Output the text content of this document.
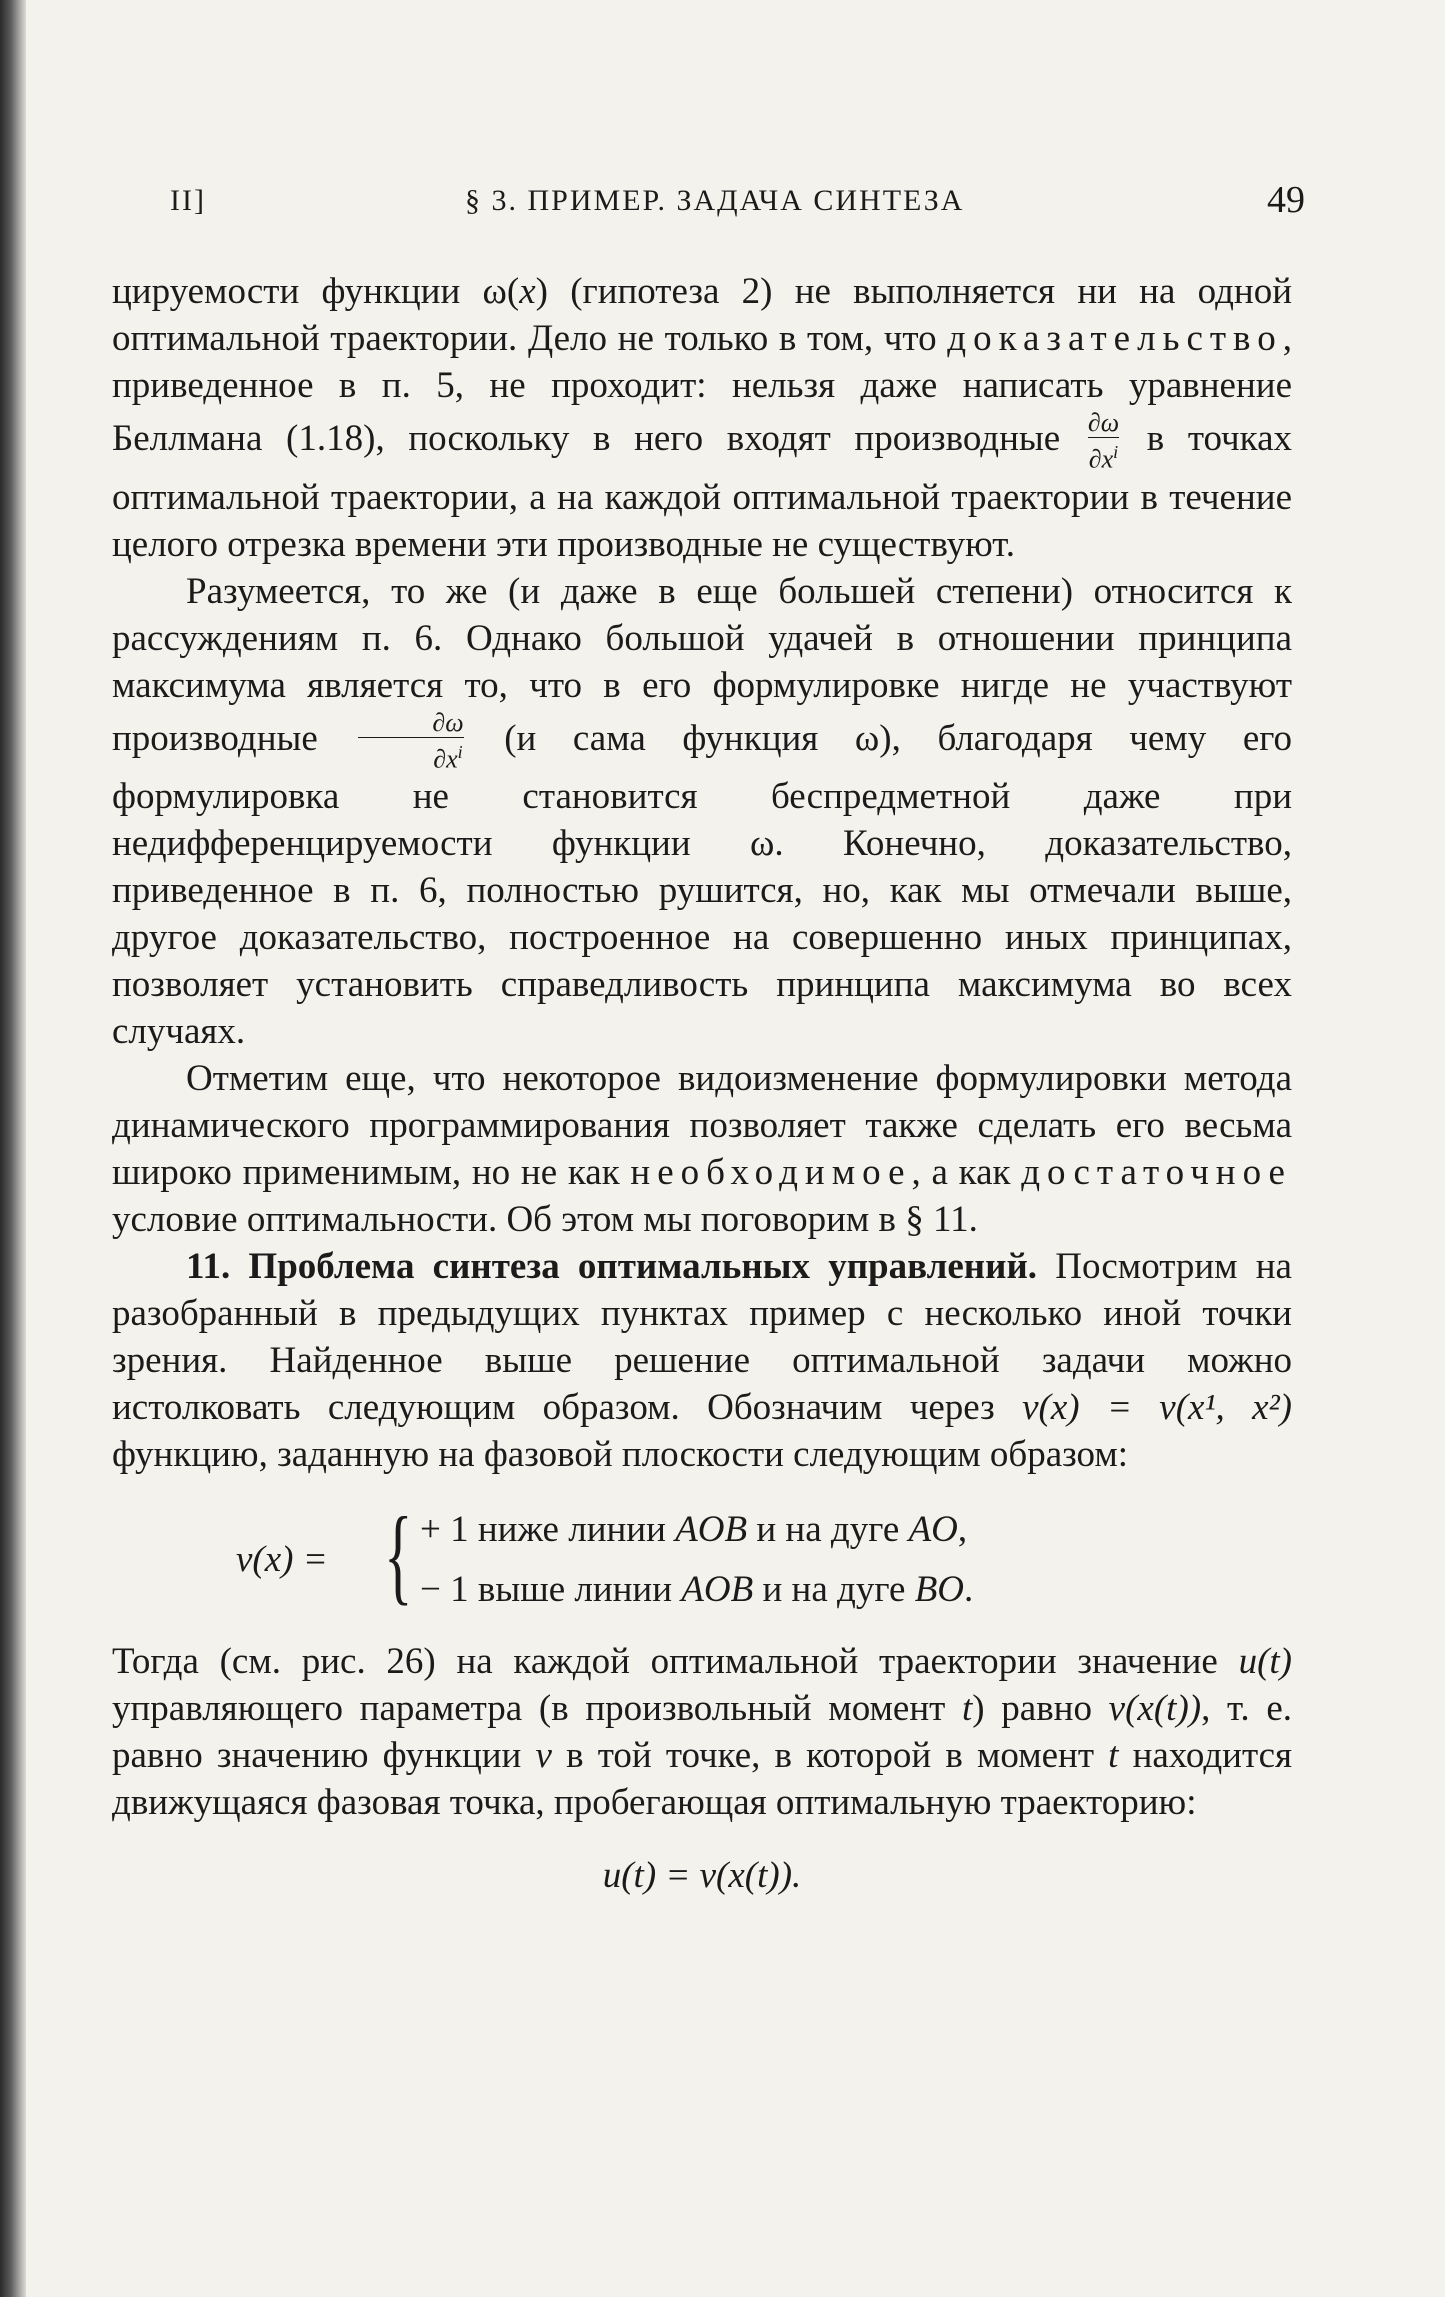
II]	§ 3. ПРИМЕР. ЗАДАЧА СИНТЕЗА	49

цируемости функции ω(x) (гипотеза 2) не выполняется ни на одной оптимальной траектории. Дело не только в том, что доказательство, приведенное в п. 5, не проходит: нельзя даже написать уравнение Беллмана (1.18), поскольку в него входят производные $\frac{\partial\omega}{\partial x^i}$ в точках оптимальной траектории, а на каждой оптимальной траектории в течение целого отрезка времени эти производные не существуют.

Разумеется, то же (и даже в еще большей степени) относится к рассуждениям п. 6. Однако большой удачей в отношении принципа максимума является то, что в его формулировке нигде не участвуют производные $\frac{\partial\omega}{\partial x^i} (и$ сама функция ω), благодаря чему его формулировка не становится беспредметной даже при недифференцируемости функции ω. Конечно, доказательство, приведенное в п. 6, полностью рушится, но, как мы отмечали выше, другое доказательство, построенное на совершенно иных принципах, позволяет установить справедливость принципа максимума во всех случаях.

Отметим еще, что некоторое видоизменение формулировки метода динамического программирования позволяет также сделать его весьма широко применимым, но не как необходимое, а как достаточное условие оптимальности. Об этом мы поговорим в § 11.

11. Проблема синтеза оптимальных управлений. Посмотрим на разобранный в предыдущих пунктах пример с несколько иной точки зрения. Найденное выше решение оптимальной задачи можно истолковать следующим образом. Обозначим через v(x) = v(x¹, x²) функцию, заданную на фазовой плоскости следующим образом:

v(x) = { + 1 ниже линии AOB и на дуге AO,
− 1 выше линии AOB и на дуге BO.

Тогда (см. рис. 26) на каждой оптимальной траектории значение u(t) управляющего параметра (в произвольный момент t) равно v(x(t)), т. е. равно значению функции v в той точке, в которой в момент t находится движущаяся фазовая точка, пробегающая оптимальную траекторию:

u(t) = v(x(t)).
